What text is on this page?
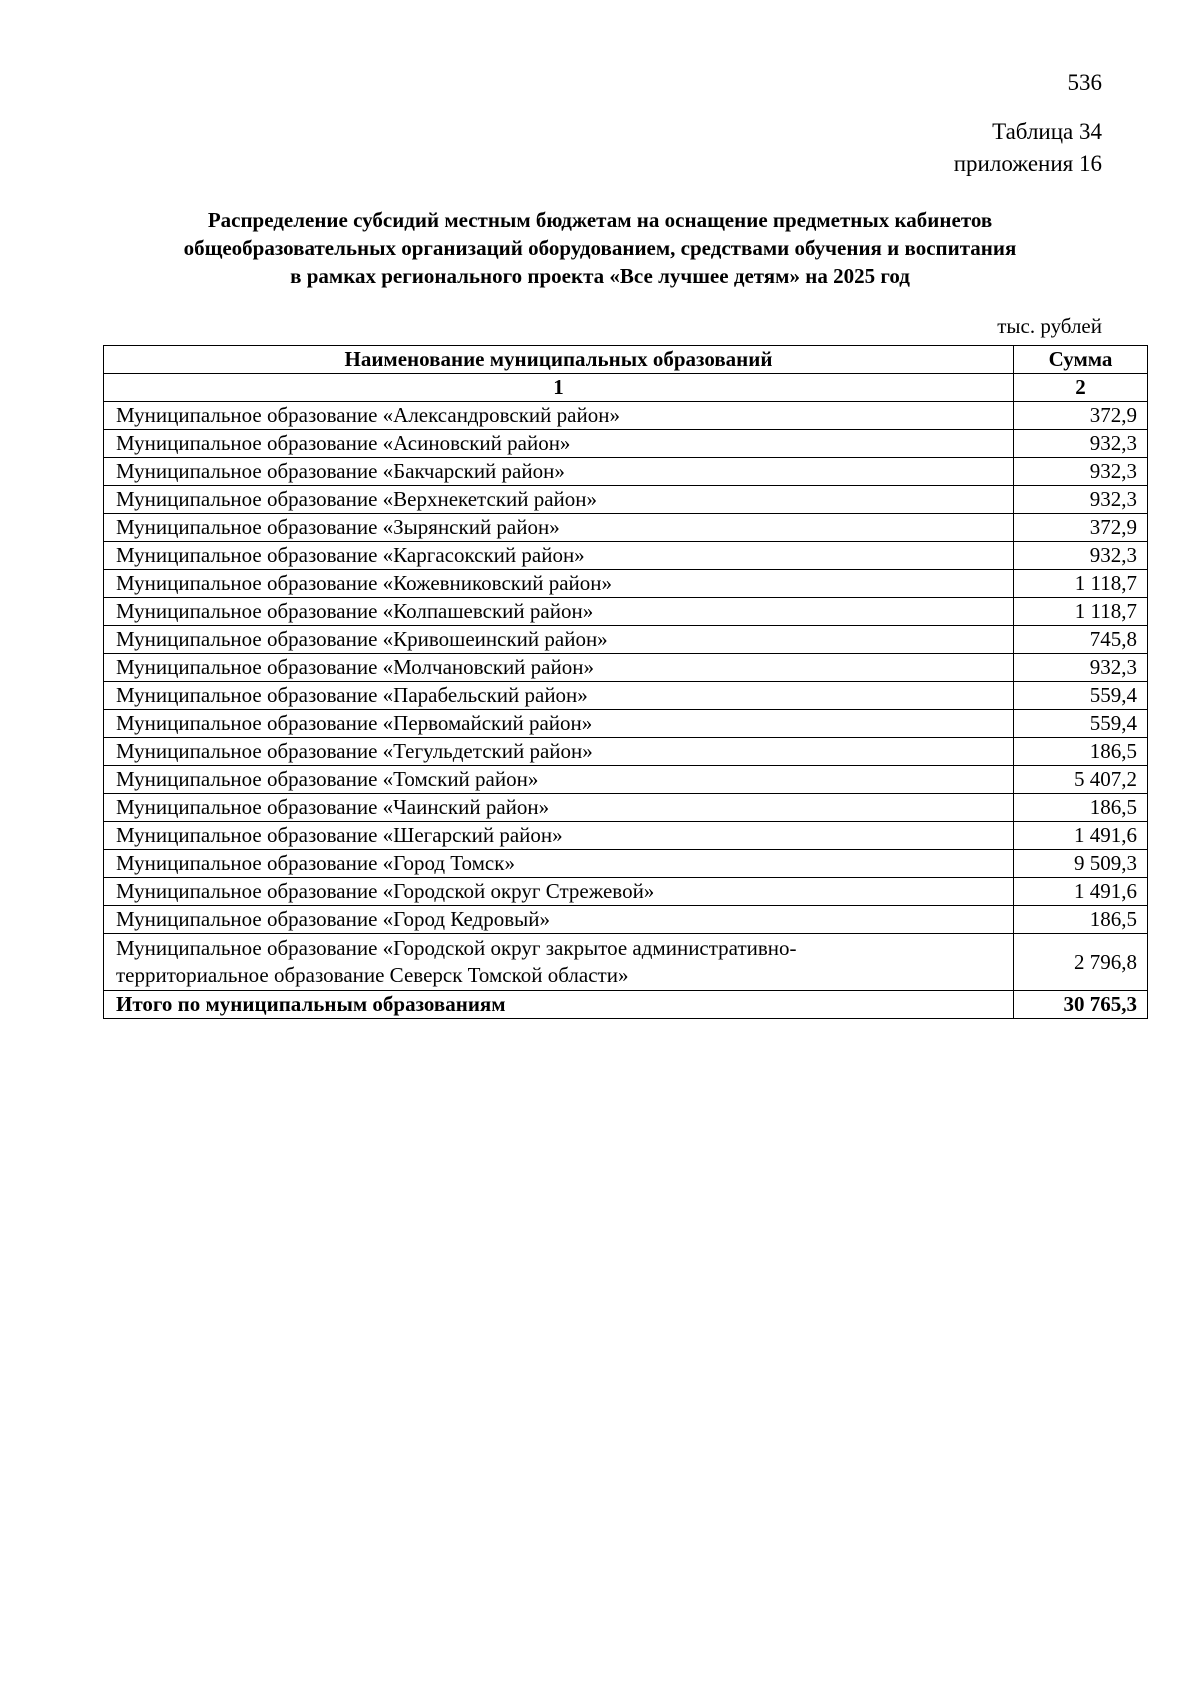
536
Таблица 34
приложения 16
Распределение субсидий местным бюджетам на оснащение предметных кабинетов
общеобразовательных организаций оборудованием, средствами обучения и воспитания
в рамках регионального проекта «Все лучшее детям» на 2025 год
тыс. рублей
Наименование муниципальных образований	Сумма
1	2
Муниципальное образование «Александровский район»	372,9
Муниципальное образование «Асиновский район»	932,3
Муниципальное образование «Бакчарский район»	932,3
Муниципальное образование «Верхнекетский район»	932,3
Муниципальное образование «Зырянский район»	372,9
Муниципальное образование «Каргасокский район»	932,3
Муниципальное образование «Кожевниковский район»	1 118,7
Муниципальное образование «Колпашевский район»	1 118,7
Муниципальное образование «Кривошеинский район»	745,8
Муниципальное образование «Молчановский район»	932,3
Муниципальное образование «Парабельский район»	559,4
Муниципальное образование «Первомайский район»	559,4
Муниципальное образование «Тегульдетский район»	186,5
Муниципальное образование «Томский район»	5 407,2
Муниципальное образование «Чаинский район»	186,5
Муниципальное образование «Шегарский район»	1 491,6
Муниципальное образование «Город Томск»	9 509,3
Муниципальное образование «Городской округ Стрежевой»	1 491,6
Муниципальное образование «Город Кедровый»	186,5

Муниципальное образование «Городской округ закрытое административно-
территориальное образование Северск Томской области»	2 796,8
Итого по муниципальным образованиям	30 765,3
